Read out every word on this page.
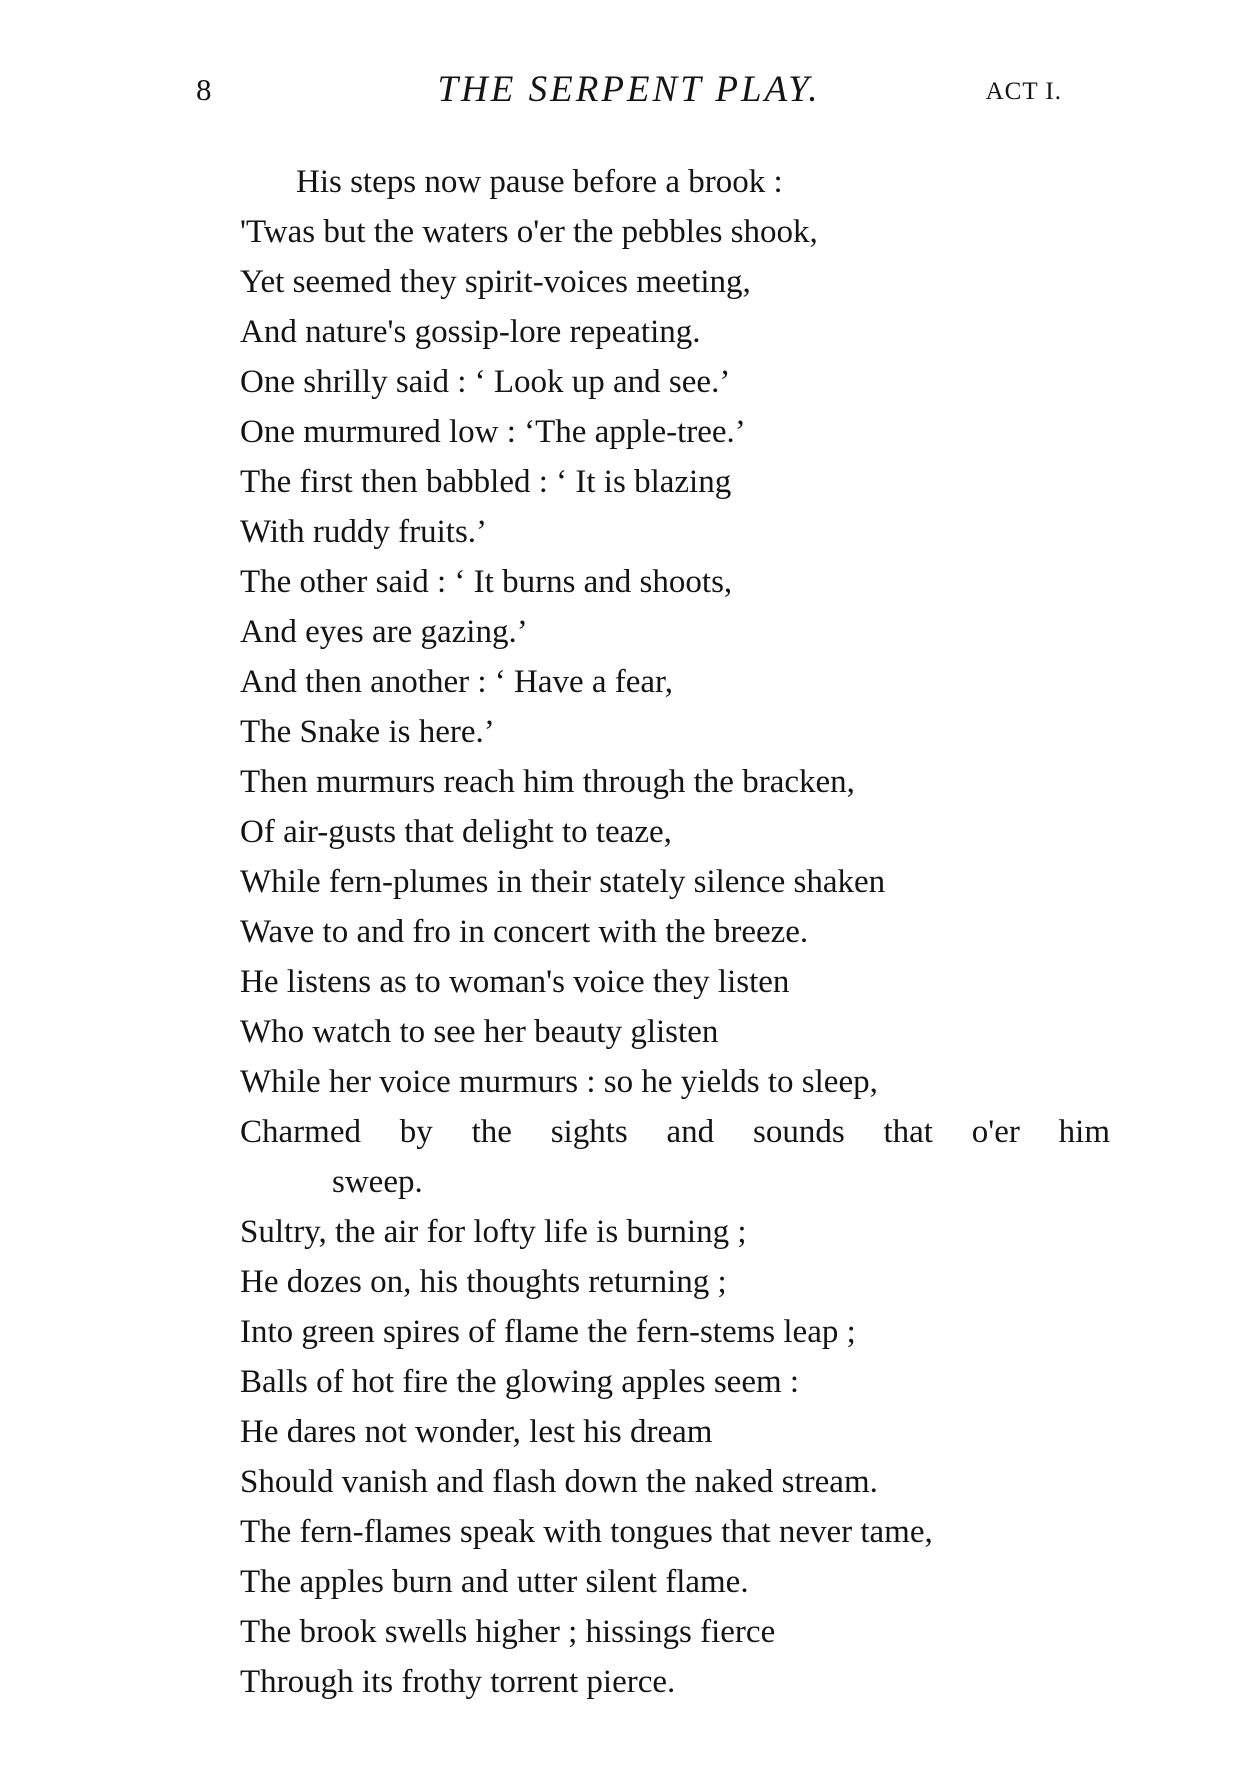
8	THE SERPENT PLAY.	ACT I.
His steps now pause before a brook :
'Twas but the waters o'er the pebbles shook,
Yet seemed they spirit-voices meeting,
And nature's gossip-lore repeating.
One shrilly said : ‘ Look up and see.’
One murmured low : ‘The apple-tree.’
The first then babbled : ‘ It is blazing
With ruddy fruits.’
The other said : ‘ It burns and shoots,
And eyes are gazing.’
And then another : ‘ Have a fear,
The Snake is here.’
Then murmurs reach him through the bracken,
Of air-gusts that delight to teaze,
While fern-plumes in their stately silence shaken
Wave to and fro in concert with the breeze.
He listens as to woman's voice they listen
Who watch to see her beauty glisten
While her voice murmurs : so he yields to sleep,
Charmed by the sights and sounds that o'er him
sweep.
Sultry, the air for lofty life is burning ;
He dozes on, his thoughts returning ;
Into green spires of flame the fern-stems leap ;
Balls of hot fire the glowing apples seem :
He dares not wonder, lest his dream
Should vanish and flash down the naked stream.
The fern-flames speak with tongues that never tame,
The apples burn and utter silent flame.
The brook swells higher ; hissings fierce
Through its frothy torrent pierce.
